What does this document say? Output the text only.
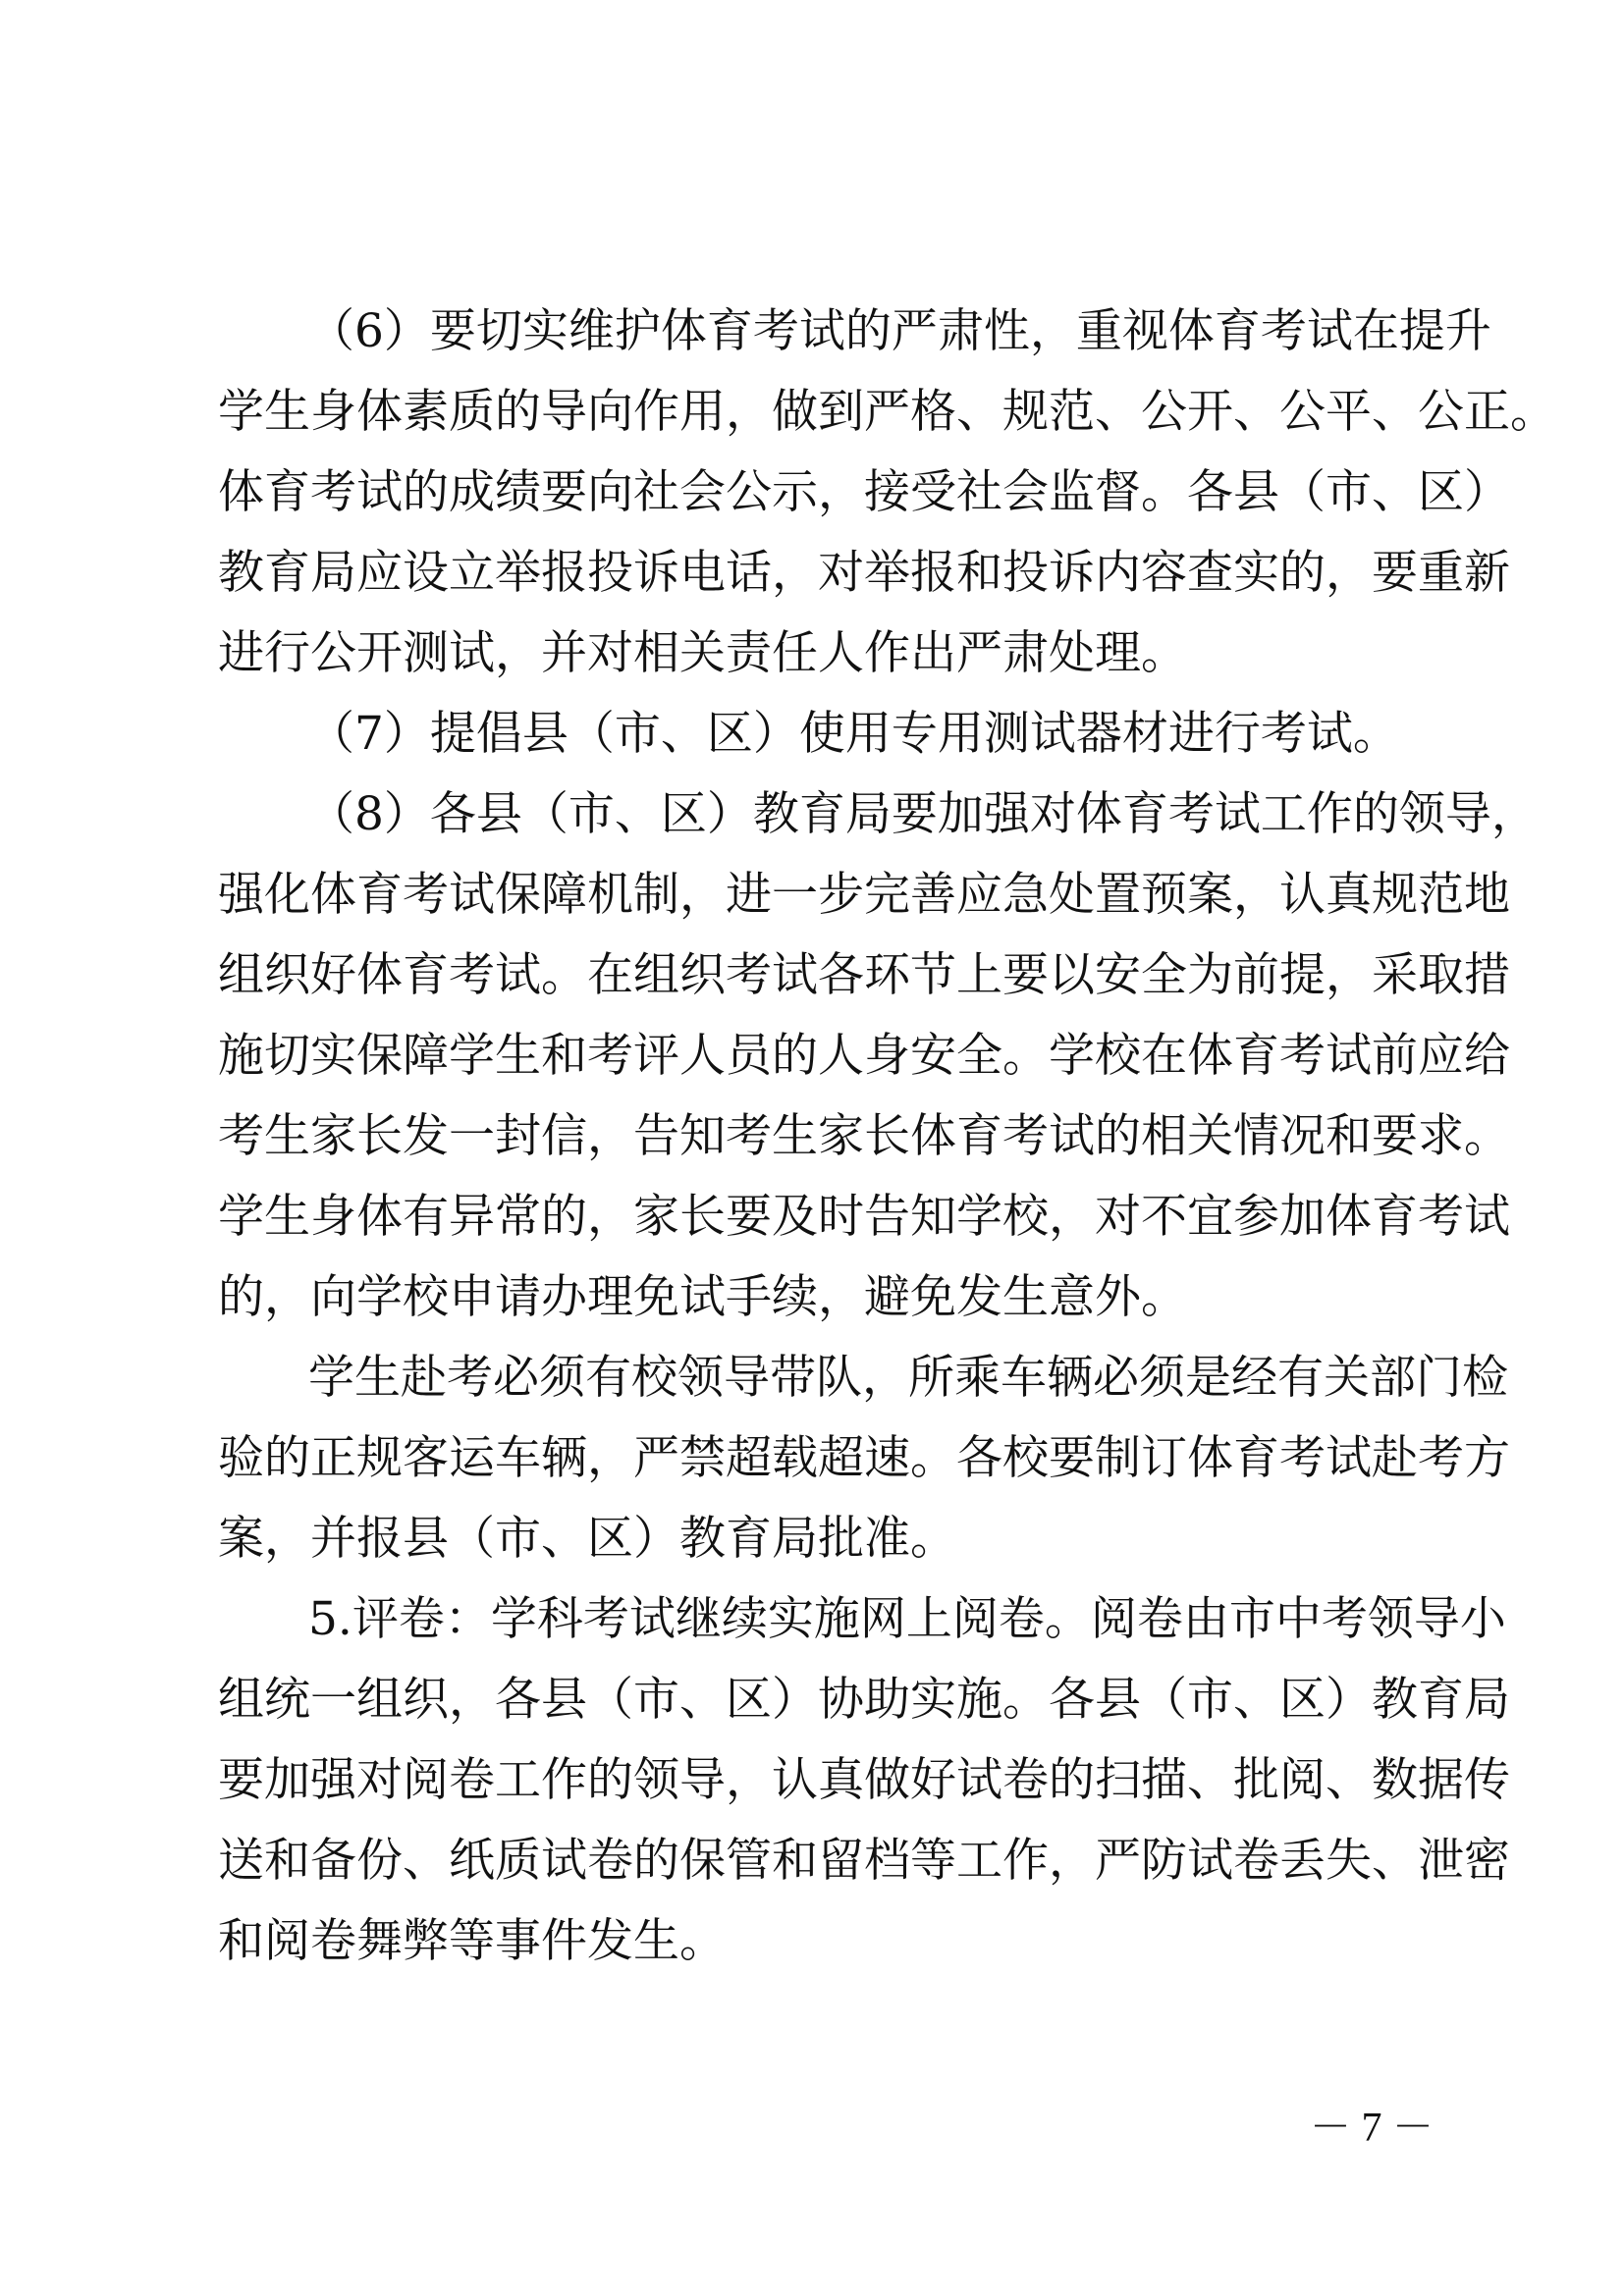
（6）要切实维护体育考试的严肃性，重视体育考试在提升
学生身体素质的导向作用，做到严格、规范、公开、公平、公正。
体育考试的成绩要向社会公示，接受社会监督。各县（市、区）
教育局应设立举报投诉电话，对举报和投诉内容查实的，要重新
进行公开测试，并对相关责任人作出严肃处理。
（7）提倡县（市、区）使用专用测试器材进行考试。
（8）各县（市、区）教育局要加强对体育考试工作的领导，
强化体育考试保障机制，进一步完善应急处置预案，认真规范地
组织好体育考试。在组织考试各环节上要以安全为前提，采取措
施切实保障学生和考评人员的人身安全。学校在体育考试前应给
考生家长发一封信，告知考生家长体育考试的相关情况和要求。
学生身体有异常的，家长要及时告知学校，对不宜参加体育考试
的，向学校申请办理免试手续，避免发生意外。
学生赴考必须有校领导带队，所乘车辆必须是经有关部门检
验的正规客运车辆，严禁超载超速。各校要制订体育考试赴考方
案，并报县（市、区）教育局批准。
5.评卷：学科考试继续实施网上阅卷。阅卷由市中考领导小
组统一组织，各县（市、区）协助实施。各县（市、区）教育局
要加强对阅卷工作的领导，认真做好试卷的扫描、批阅、数据传
送和备份、纸质试卷的保管和留档等工作，严防试卷丢失、泄密
和阅卷舞弊等事件发生。
－ 7 －
